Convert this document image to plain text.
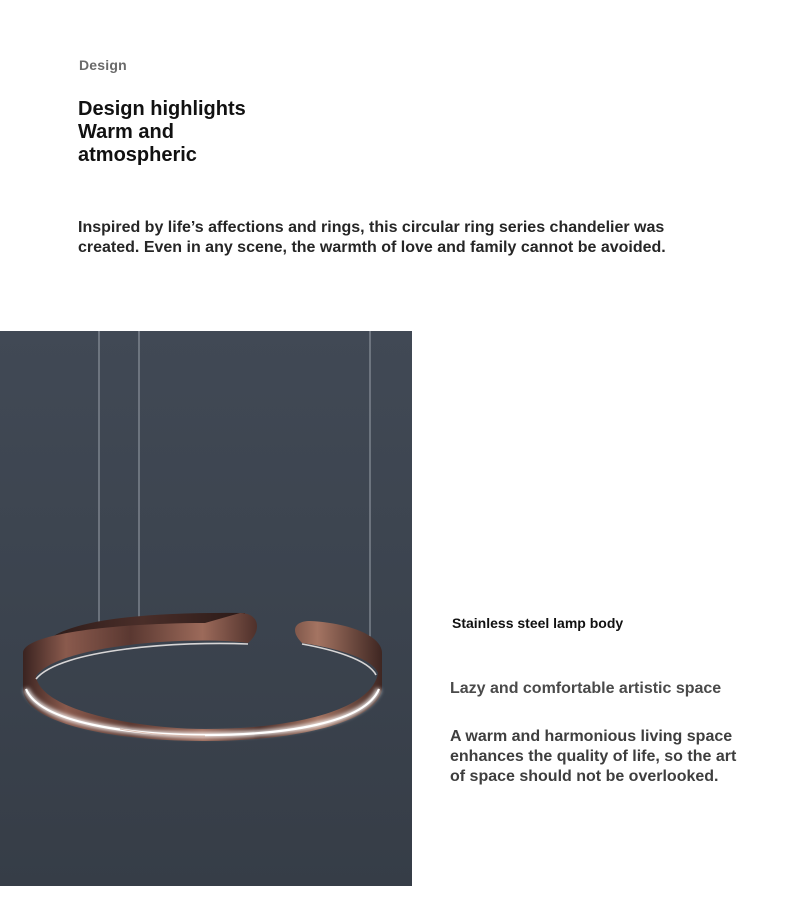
Design
Design highlights
Warm and
atmospheric

Inspired by life’s affections and rings, this circular ring series chandelier was created. Even in any scene, the warmth of love and family cannot be avoided.

Stainless steel lamp body
Lazy and comfortable artistic space

A warm and harmonious living space enhances the quality of life, so the art of space should not be overlooked.
